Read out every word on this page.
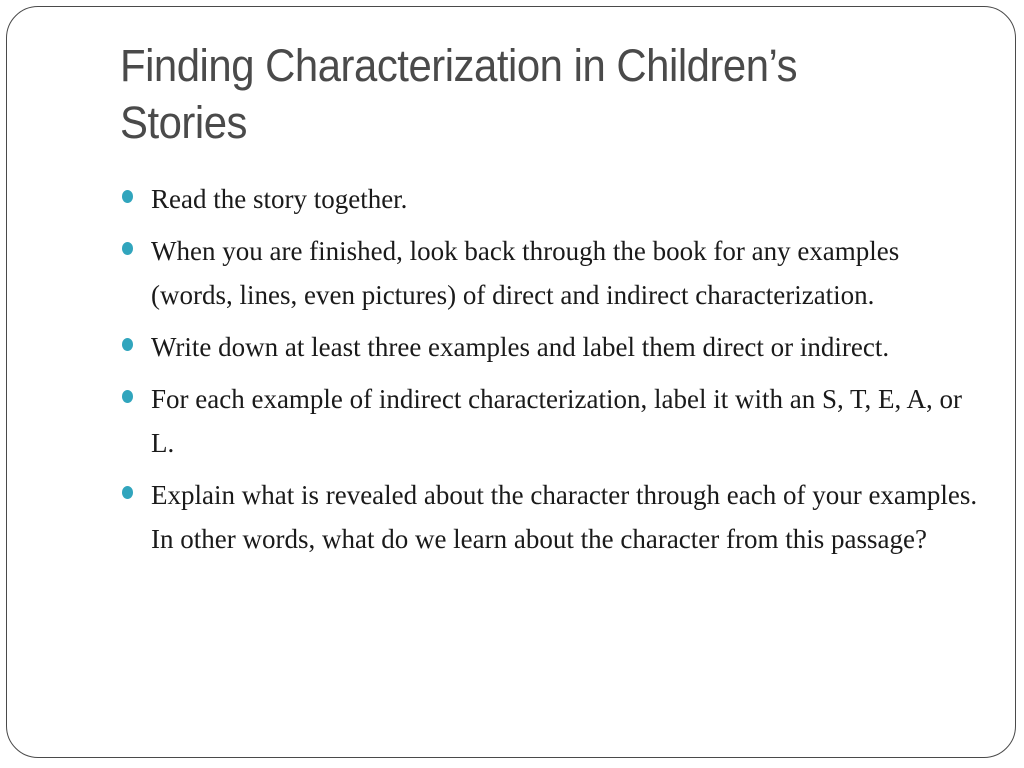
Finding Characterization in Children’s Stories
Read the story together.
When you are finished, look back through the book for any examples (words, lines, even pictures) of direct and indirect characterization.
Write down at least three examples and label them direct or indirect.
For each example of indirect characterization, label it with an S, T, E, A, or L.
Explain what is revealed about the character through each of your examples. In other words, what do we learn about the character from this passage?
